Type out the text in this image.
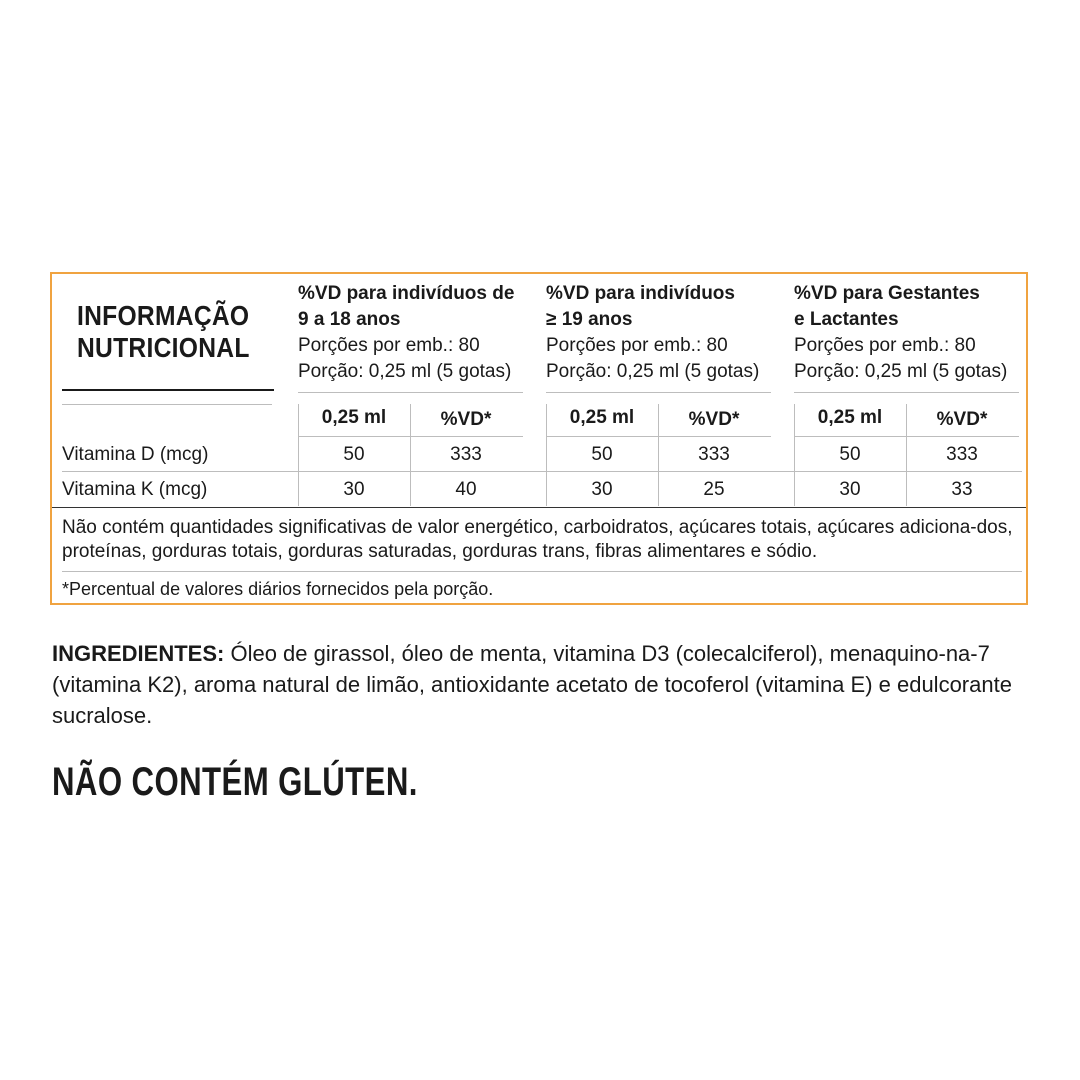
INFORMAÇÃO
NUTRICIONAL
%VD para indivíduos de
9 a 18 anos
Porções por emb.: 80
Porção: 0,25 ml (5 gotas)
%VD para indivíduos
≥ 19 anos
Porções por emb.: 80
Porção: 0,25 ml (5 gotas)
%VD para Gestantes
e Lactantes
Porções por emb.: 80
Porção: 0,25 ml (5 gotas)
0,25 ml	%VD*	0,25 ml	%VD*	0,25 ml	%VD*
Vitamina D (mcg)	50	333	50	333	50	333
Vitamina K (mcg)	30	40	30	25	30	33
Não contém quantidades significativas de valor energético, carboidratos, açúcares totais, açúcares adiciona-dos, proteínas, gorduras totais, gorduras saturadas, gorduras trans, fibras alimentares e sódio.
*Percentual de valores diários fornecidos pela porção.
INGREDIENTES: Óleo de girassol, óleo de menta, vitamina D3 (colecalciferol), menaquino-na-7 (vitamina K2), aroma natural de limão, antioxidante acetato de tocoferol (vitamina E) e edulcorante sucralose.
NÃO CONTÉM GLÚTEN.
